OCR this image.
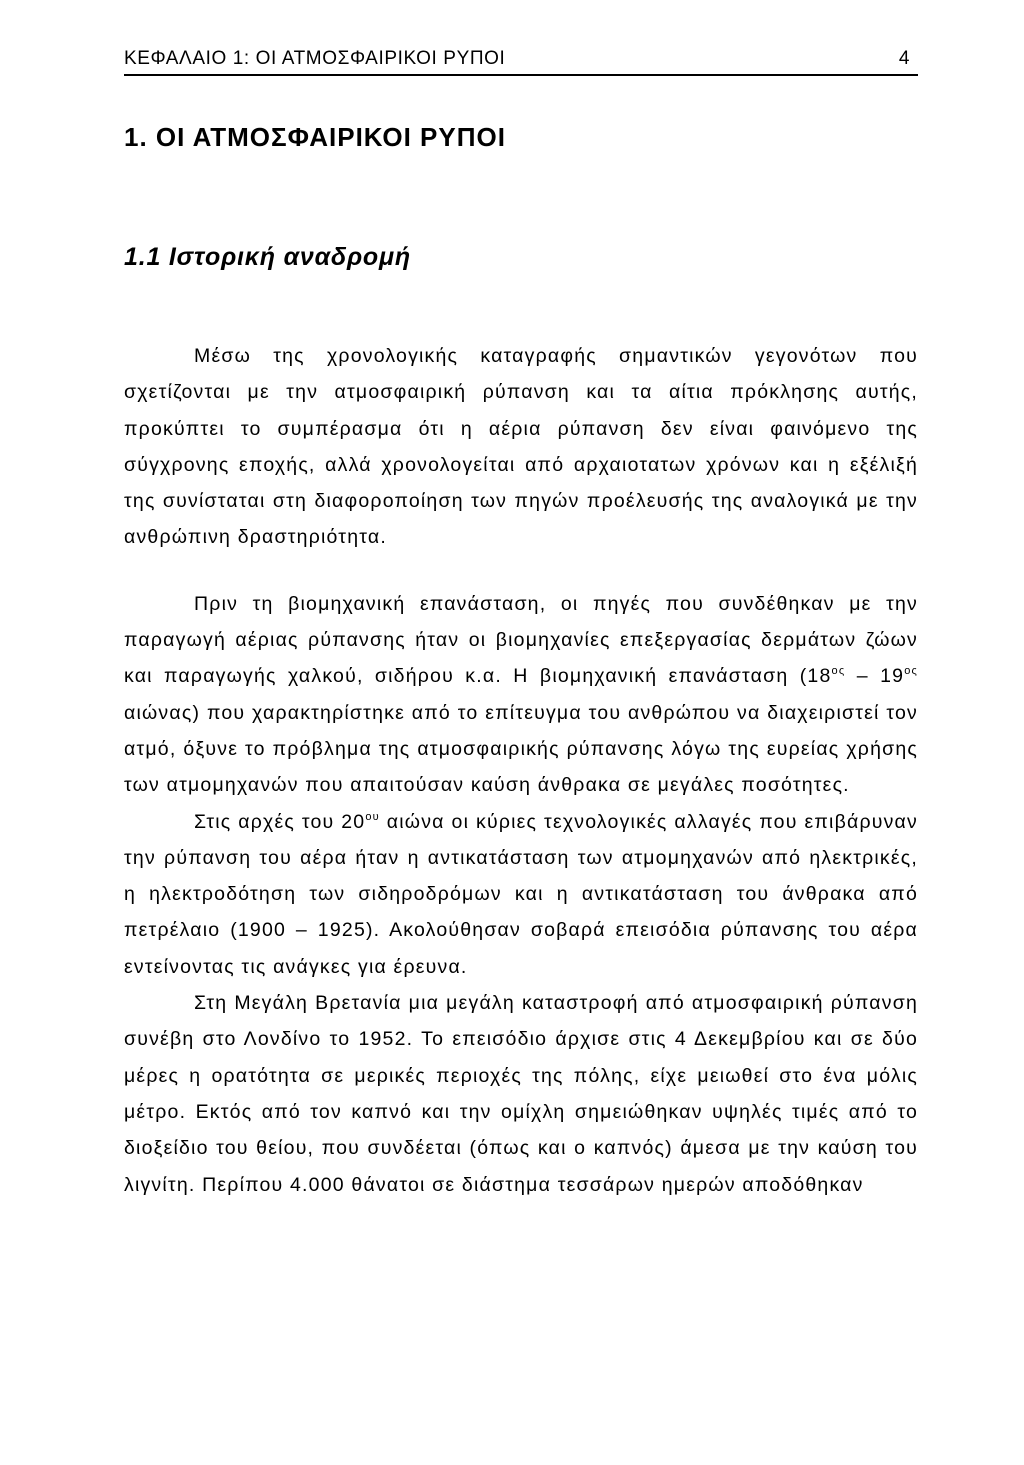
ΚΕΦΑΛΑΙΟ 1: ΟΙ ΑΤΜΟΣΦΑΙΡΙΚΟΙ ΡΥΠΟΙ	4
1. ΟΙ ΑΤΜΟΣΦΑΙΡΙΚΟΙ ΡΥΠΟΙ
1.1 Ιστορική αναδρομή

Μέσω της χρονολογικής καταγραφής σημαντικών γεγονότων που σχετίζονται με την ατμοσφαιρική ρύπανση και τα αίτια πρόκλησης αυτής, προκύπτει το συμπέρασμα ότι η αέρια ρύπανση δεν είναι φαινόμενο της σύγχρονης εποχής, αλλά χρονολογείται από αρχαιοτατων χρόνων και η εξέλιξή της συνίσταται στη διαφοροποίηση των πηγών προέλευσής της αναλογικά με την ανθρώπινη δραστηριότητα.

Πριν τη βιομηχανική επανάσταση, οι πηγές που συνδέθηκαν με την παραγωγή αέριας ρύπανσης ήταν οι βιομηχανίες επεξεργασίας δερμάτων ζώων και παραγωγής χαλκού, σιδήρου κ.α. Η βιομηχανική επανάσταση ($18^{o\varsigma} - 19^{o\varsigma}$ αιώνας) που χαρακτηρίστηκε από το επίτευγμα του ανθρώπου να διαχειριστεί τον ατμό, όξυνε το πρόβλημα της ατμοσφαιρικής ρύπανσης λόγω της ευρείας χρήσης των ατμομηχανών που απαιτούσαν καύση άνθρακα σε μεγάλες ποσότητες.

Στις αρχές του $20^{o\upsilon}$ αιώνα οι κύριες τεχνολογικές αλλαγές που επιβάρυναν την ρύπανση του αέρα ήταν η αντικατάσταση των ατμομηχανών από ηλεκτρικές, η ηλεκτροδότηση των σιδηροδρόμων και η αντικατάσταση του άνθρακα από πετρέλαιο (1900 – 1925). Ακολούθησαν σοβαρά επεισόδια ρύπανσης του αέρα εντείνοντας τις ανάγκες για έρευνα.

Στη Μεγάλη Βρετανία μια μεγάλη καταστροφή από ατμοσφαιρική ρύπανση συνέβη στο Λονδίνο το 1952. Το επεισόδιο άρχισε στις 4 Δεκεμβρίου και σε δύο μέρες η ορατότητα σε μερικές περιοχές της πόλης, είχε μειωθεί στο ένα μόλις μέτρο. Εκτός από τον καπνό και την ομίχλη σημειώθηκαν υψηλές τιμές από το διοξείδιο του θείου, που συνδέεται (όπως και ο καπνός) άμεσα με την καύση του λιγνίτη. Περίπου 4.000 θάνατοι σε διάστημα τεσσάρων ημερών αποδόθηκαν
